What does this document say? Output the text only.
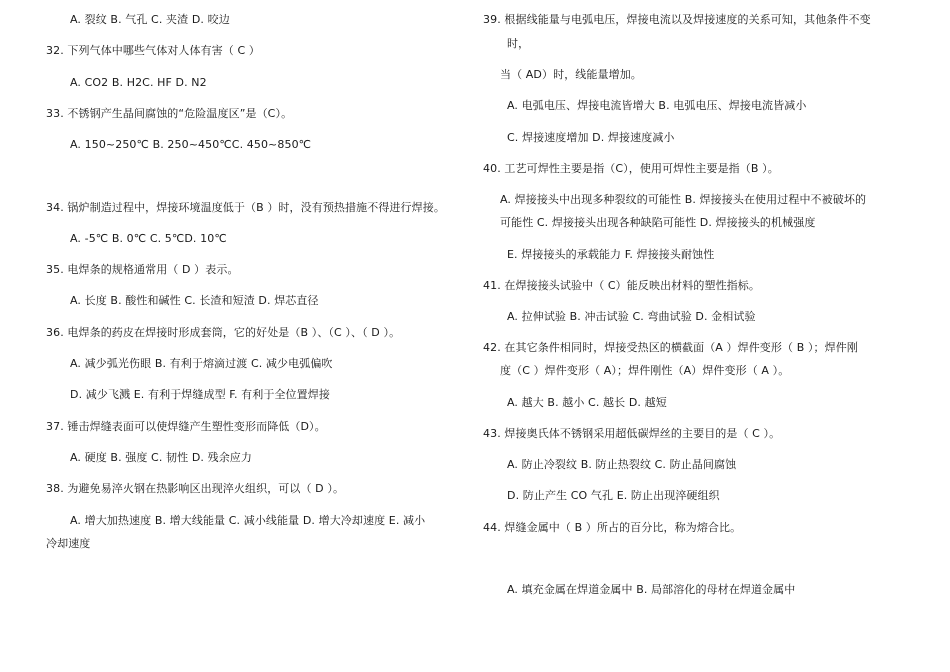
A. 裂纹 B. 气孔 C. 夹渣 D. 咬边
32. 下列气体中哪些气体对人体有害（ C ）
A. CO2 B. H2C. HF D. N2
33. 不锈钢产生晶间腐蚀的“危险温度区”是（C）。
A. 150~250℃ B. 250~450℃C. 450~850℃
34. 锅炉制造过程中，焊接环境温度低于（B ）时，没有预热措施不得进行焊接。
A. -5℃ B. 0℃ C. 5℃D. 10℃
35. 电焊条的规格通常用（ D ）表示。
A. 长度 B. 酸性和碱性 C. 长渣和短渣 D. 焊芯直径
36. 电焊条的药皮在焊接时形成套筒，它的好处是（B ）、（C ）、（ D ）。
A. 减少弧光伤眼 B. 有利于熔滴过渡 C. 减少电弧偏吹
D. 减少飞溅 E. 有利于焊缝成型 F. 有利于全位置焊接
37. 锤击焊缝表面可以使焊缝产生塑性变形而降低（D）。
A. 硬度 B. 强度 C. 韧性 D. 残余应力
38. 为避免易淬火钢在热影响区出现淬火组织，可以（ D ）。
A. 增大加热速度 B. 增大线能量 C. 减小线能量 D. 增大冷却速度 E. 减小
冷却速度
39. 根据线能量与电弧电压，焊接电流以及焊接速度的关系可知，其他条件不变
时，
当（ AD）时，线能量增加。
A. 电弧电压、焊接电流皆增大 B. 电弧电压、焊接电流皆减小
C. 焊接速度增加 D. 焊接速度减小
40. 工艺可焊性主要是指（C），使用可焊性主要是指（B ）。
A. 焊接接头中出现多种裂纹的可能性 B. 焊接接头在使用过程中不被破坏的
可能性 C. 焊接接头出现各种缺陷可能性 D. 焊接接头的机械强度
E. 焊接接头的承载能力 F. 焊接接头耐蚀性
41. 在焊接接头试验中（ C）能反映出材料的塑性指标。
A. 拉伸试验 B. 冲击试验 C. 弯曲试验 D. 金相试验
42. 在其它条件相同时，焊接受热区的横截面（A ）焊件变形（ B ）；焊件刚
度（C ）焊件变形（ A）；焊件刚性（A）焊件变形（ A ）。
A. 越大 B. 越小 C. 越长 D. 越短
43. 焊接奥氏体不锈钢采用超低碳焊丝的主要目的是（ C ）。
A. 防止冷裂纹 B. 防止热裂纹 C. 防止晶间腐蚀
D. 防止产生 CO 气孔 E. 防止出现淬硬组织
44. 焊缝金属中（ B ）所占的百分比，称为熔合比。
A. 填充金属在焊道金属中 B. 局部溶化的母材在焊道金属中
